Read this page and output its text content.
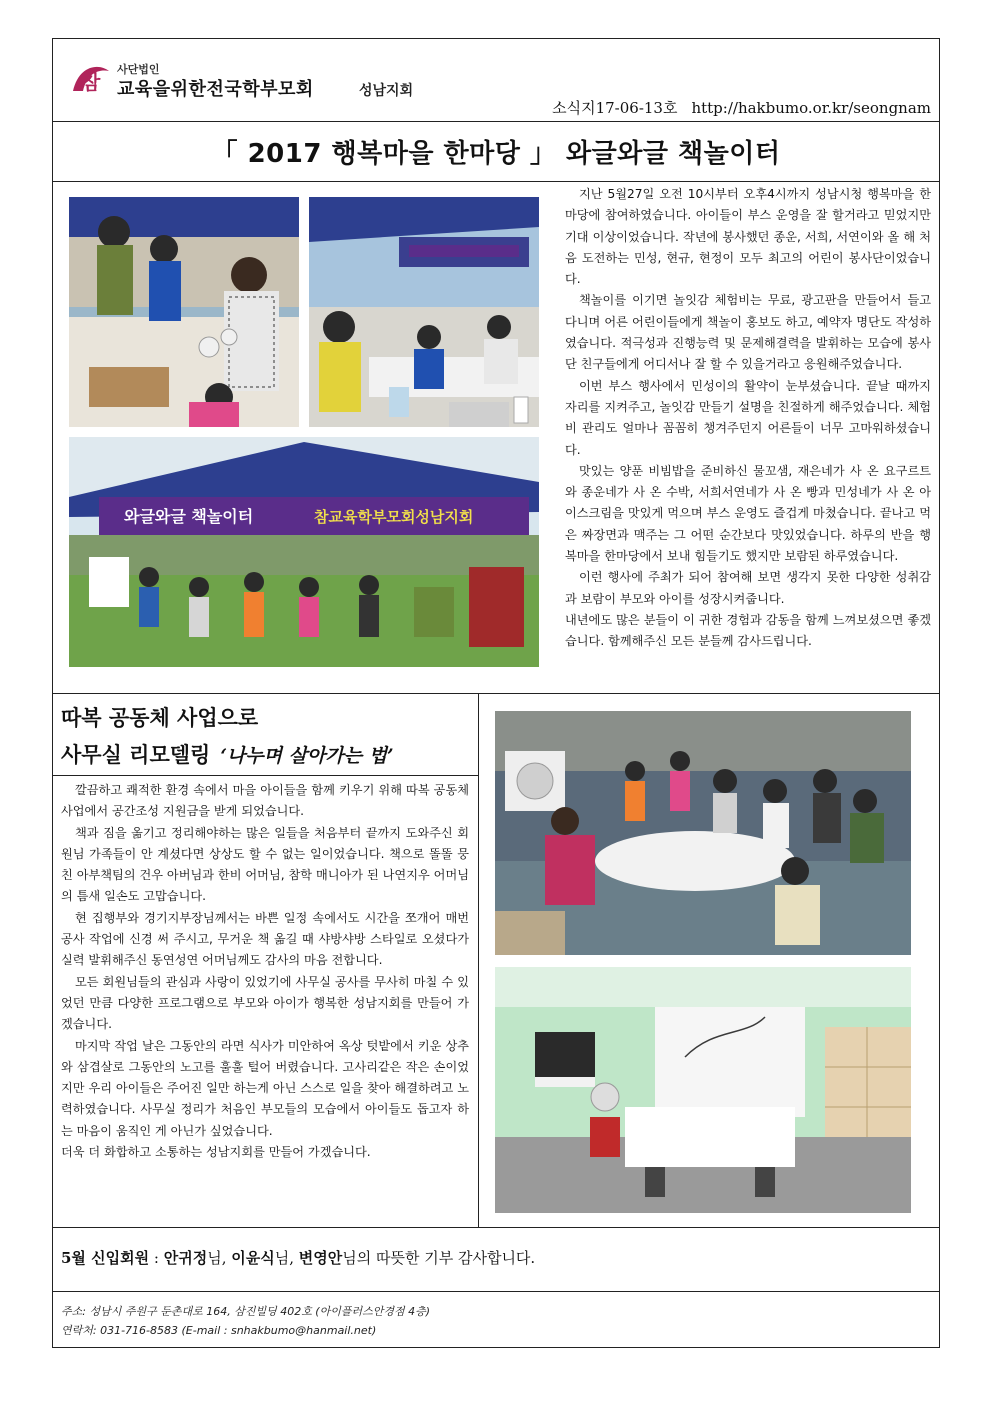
참
사단법인
교육을위한전국학부모회	성남지회
소식지17-06-13호 http://hakbumo.or.kr/seongnam
「 2017 행복마을 한마당 」 와글와글 책놀이터
와글와글 책놀이터	참교육학부모회성남지회

지난 5월27일 오전 10시부터 오후4시까지 성남시청 행복마을 한마당에 참여하였습니다. 아이들이 부스 운영을 잘 할거라고 믿었지만 기대 이상이었습니다. 작년에 봉사했던 종운, 서희, 서연이와 올 해 처음 도전하는 민성, 현규, 현정이 모두 최고의 어린이 봉사단이었습니다.

책놀이를 이기면 놀잇감 체험비는 무료, 광고판을 만들어서 들고 다니며 어른 어린이들에게 책놀이 홍보도 하고, 예약자 명단도 작성하였습니다. 적극성과 진행능력 및 문제해결력을 발휘하는 모습에 봉사단 친구들에게 어디서나 잘 할 수 있을거라고 응원해주었습니다.

이번 부스 행사에서 민성이의 활약이 눈부셨습니다. 끝날 때까지 자리를 지켜주고, 놀잇감 만들기 설명을 친절하게 해주었습니다. 체험비 관리도 얼마나 꼼꼼히 챙겨주던지 어른들이 너무 고마워하셨습니다.

맛있는 양푼 비빔밥을 준비하신 물꼬샘, 재은네가 사 온 요구르트와 종운네가 사 온 수박, 서희서연네가 사 온 빵과 민성네가 사 온 아이스크림을 맛있게 먹으며 부스 운영도 즐겁게 마쳤습니다. 끝나고 먹은 짜장면과 맥주는 그 어떤 순간보다 맛있었습니다. 하루의 반을 행복마을 한마당에서 보내 힘들기도 했지만 보람된 하루였습니다.

이런 행사에 주최가 되어 참여해 보면 생각지 못한 다양한 성취감과 보람이 부모와 아이를 성장시켜줍니다.

내년에도 많은 분들이 이 귀한 경험과 감동을 함께 느껴보셨으면 좋겠습니다. 함께해주신 모든 분들께 감사드립니다.

따복 공동체 사업으로
사무실 리모델링 ‘나누며 살아가는 법’

깔끔하고 쾌적한 환경 속에서 마을 아이들을 함께 키우기 위해 따복 공동체 사업에서 공간조성 지원금을 받게 되었습니다.

책과 짐을 옮기고 정리해야하는 많은 일들을 처음부터 끝까지 도와주신 회원님 가족들이 안 계셨다면 상상도 할 수 없는 일이었습니다. 책으로 똘똘 뭉친 아부책팀의 건우 아버님과 한비 어머님, 참학 매니아가 된 나연지우 어머님의 틈새 일손도 고맙습니다.

현 집행부와 경기지부장님께서는 바쁜 일정 속에서도 시간을 쪼개어 매번 공사 작업에 신경 써 주시고, 무거운 책 옮길 때 샤방샤방 스타일로 오셨다가 실력 발휘해주신 동연성연 어머님께도 감사의 마음 전합니다.

모든 회원님들의 관심과 사랑이 있었기에 사무실 공사를 무사히 마칠 수 있었던 만큼 다양한 프로그램으로 부모와 아이가 행복한 성남지회를 만들어 가겠습니다.

마지막 작업 날은 그동안의 라면 식사가 미안하여 옥상 텃밭에서 키운 상추와 삼겹살로 그동안의 노고를 훌훌 털어 버렸습니다. 고사리같은 작은 손이었지만 우리 아이들은 주어진 일만 하는게 아닌 스스로 일을 찾아 해결하려고 노력하였습니다. 사무실 정리가 처음인 부모들의 모습에서 아이들도 돕고자 하는 마음이 움직인 게 아닌가 싶었습니다.

더욱 더 화합하고 소통하는 성남지회를 만들어 가겠습니다.

5월 신입회원 : 안귀정님, 이윤식님, 변영안님의 따뜻한 기부 감사합니다.
주소: 성남시 주원구 둔촌대로 164, 삼진빌딩 402호 (아이플러스안경점 4층)
연락처: 031-716-8583 (E-mail : snhakbumo@hanmail.net)
